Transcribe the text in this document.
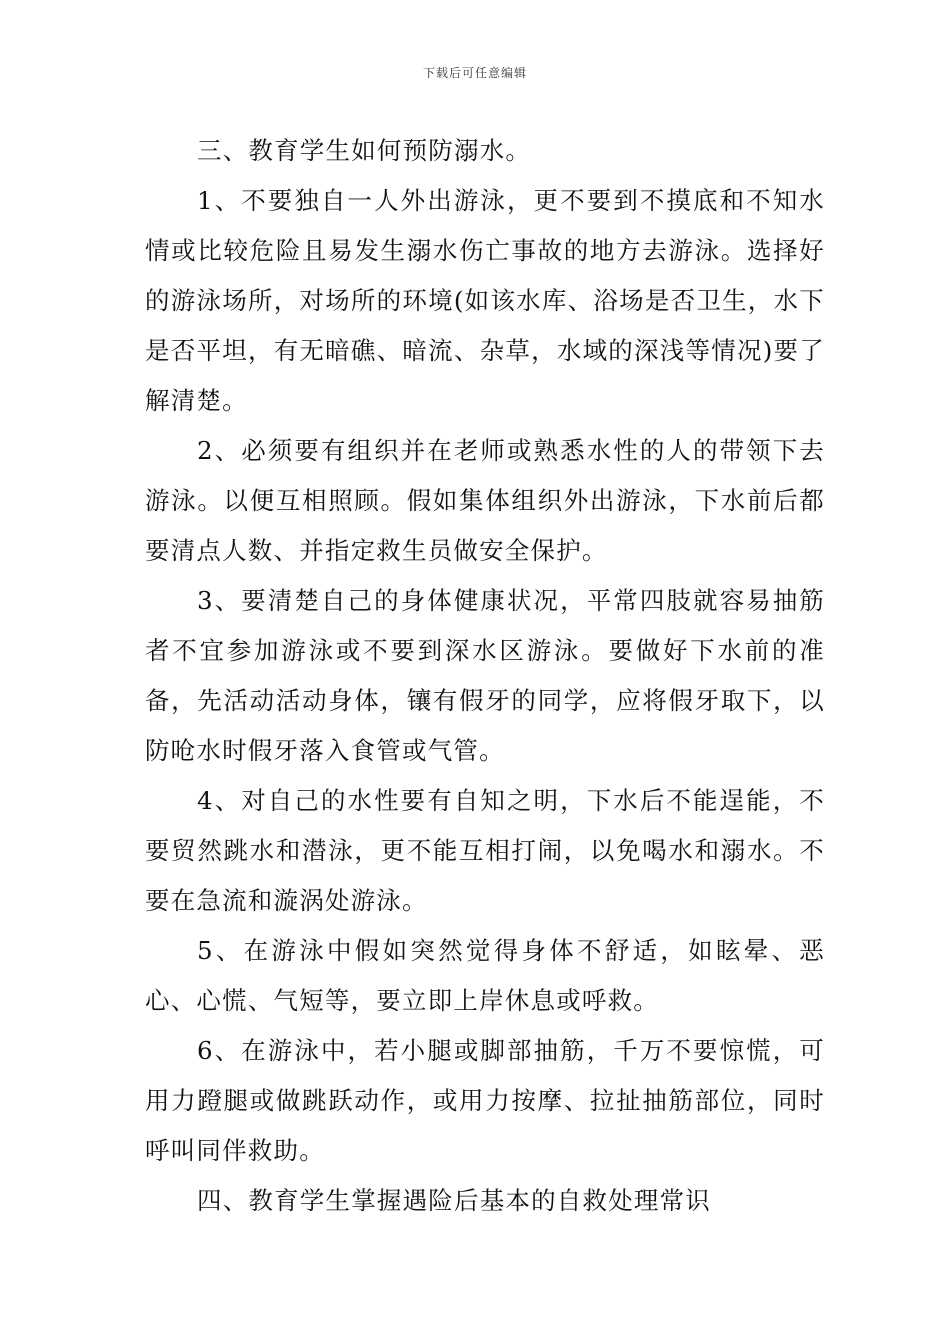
下载后可任意编辑

三、教育学生如何预防溺水。

1、不要独自一人外出游泳，更不要到不摸底和不知水情或比较危险且易发生溺水伤亡事故的地方去游泳。选择好的游泳场所，对场所的环境(如该水库、浴场是否卫生，水下是否平坦，有无暗礁、暗流、杂草，水域的深浅等情况)要了解清楚。

2、必须要有组织并在老师或熟悉水性的人的带领下去游泳。以便互相照顾。假如集体组织外出游泳，下水前后都要清点人数、并指定救生员做安全保护。

3、要清楚自己的身体健康状况，平常四肢就容易抽筋者不宜参加游泳或不要到深水区游泳。要做好下水前的准备，先活动活动身体，镶有假牙的同学，应将假牙取下，以防呛水时假牙落入食管或气管。

4、对自己的水性要有自知之明，下水后不能逞能，不要贸然跳水和潜泳，更不能互相打闹，以免喝水和溺水。不要在急流和漩涡处游泳。

5、在游泳中假如突然觉得身体不舒适，如眩晕、恶心、心慌、气短等，要立即上岸休息或呼救。

6、在游泳中，若小腿或脚部抽筋，千万不要惊慌，可用力蹬腿或做跳跃动作，或用力按摩、拉扯抽筋部位，同时呼叫同伴救助。

四、教育学生掌握遇险后基本的自救处理常识
